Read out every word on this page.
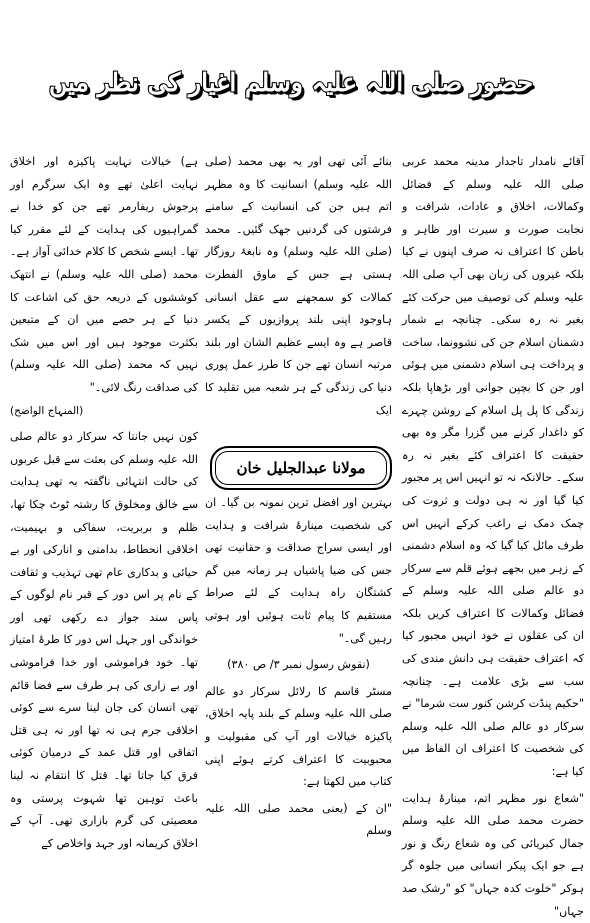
حضور صلی اللہ علیہ وسلم اغیار کی نظر میں

آقائے نامدار تاجدار مدینہ محمد عربی صلی اللہ علیہ وسلم کے فضائل وکمالات، اخلاق و عادات، شرافت و نجابت صورت و سیرت اور ظاہر و باطن کا اعتراف نہ صرف اپنوں نے کیا بلکہ غیروں کی زبان بھی آپ صلی اللہ علیہ وسلم کی توصیف میں حرکت کئے بغیر نہ رہ سکی۔ چنانچہ بے شمار دشمنان اسلام جن کی نشوونما، ساخت و پرداخت ہی اسلام دشمنی میں ہوئی اور جن کا بچپن جوانی اور بڑھاپا بلکہ زندگی کا پل پل اسلام کے روشن چہرے کو داغدار کرنے میں گزرا مگر وہ بھی حقیقت کا اعتراف کئے بغیر نہ رہ سکے۔ حالانکہ نہ تو انہیں اس پر مجبور کیا گیا اور نہ ہی دولت و ثروت کی چمک دمک نے راغب کرکے انہیں اس طرف مائل کیا گیا کہ وہ اسلام دشمنی کے زہر میں بجھے ہوئے قلم سے سرکار دو عالم صلی اللہ علیہ وسلم کے فضائل وکمالات کا اعتراف کریں بلکہ ان کی عقلوں نے خود انہیں مجبور کیا کہ اعتراف حقیقت ہی دانش مندی کی سب سے بڑی علامت ہے۔ چنانچہ "حکیم پنڈت کرشن کنور ست شرما" نے سرکار دو عالم صلی اللہ علیہ وسلم کی شخصیت کا اعتراف ان الفاظ میں کیا ہے:

"شعاع نور مظہر اتم، مینارۂ ہدایت حضرت محمد صلی اللہ علیہ وسلم جمال کبریائی کی وہ شعاع رنگ و نور ہے جو ایک پیکر انسانی میں جلوہ گر ہوکر "خلوت کدہ جہاں" کو "رشک صد جہاں"

بنائے آئی تھی اور یہ بھی محمد (صلی اللہ علیہ وسلم) انسانیت کا وہ مظہر اتم ہیں جن کی انسانیت کے سامنے فرشتوں کی گردنیں جھک گئیں۔ محمد (صلی اللہ علیہ وسلم) وہ نابغۂ روزگار ہستی ہے جس کے ماوق الفطرت کمالات کو سمجھنے سے عقل انسانی ہاوجود اپنی بلند پروازیوں کے یکسر قاصر ہے وہ ایسے عظیم الشان اور بلند مرتبہ انسان تھے جن کا طرز عمل پوری دنیا کی زندگی کے ہر شعبہ میں تقلید کا ایک

مولانا عبدالجلیل خان

بہترین اور افضل ترین نمونہ بن گیا۔ ان کی شخصیت مینارۂ شرافت و ہدایت اور ایسی سراج صداقت و حقانیت تھی جس کی ضیا پاشیاں ہر زمانہ میں گم کشتگان راہ ہدایت کے لئے صراط مستقیم کا پیام ثابت ہوئیں اور ہوتی رہیں گی۔"

(نقوش رسول نمبر ۳/ ص ۳۸۰)

مسٹر قاسم کا رلائل سرکار دو عالم صلی اللہ علیہ وسلم کے بلند پایہ اخلاق، پاکیزہ خیالات اور آپ کی مقبولیت و محبوبیت کا اعتراف کرتے ہوئے اپنی کتاب میں لکھتا ہے:

"ان کے (یعنی محمد صلی اللہ علیہ وسلم

ہے) خیالات نہایت پاکیزہ اور اخلاق نہایت اعلیٰ تھے وہ ایک سرگرم اور پرجوش ریفارمر تھے جن کو خدا نے گمراہیوں کی ہدایت کے لئے مقرر کیا تھا۔ ایسے شخص کا کلام خدائی آواز ہے۔ محمد (صلی اللہ علیہ وسلم) نے انتھک کوششوں کے ذریعہ حق کی اشاعت کا دنیا کے ہر حصے میں ان کے متبعین بکثرت موجود ہیں اور اس میں شک نہیں کہ محمد (صلی اللہ علیہ وسلم) کی صداقت رنگ لائی۔"

(المنہاج الواضح)

کون نہیں جانتا کہ سرکار دو عالم صلی اللہ علیہ وسلم کی بعثت سے قبل عربوں کی حالت انتہائی ناگفتہ بہ تھی ہدایت سے خالق ومخلوق کا رشتہ ٹوٹ چکا تھا، ظلم و بربریت، سفاکی و بہیمیت، اخلاقی انحطاط، بدامنی و انارکی اور بے حیائی و بدکاری عام تھی تہذیب و ثقافت کے نام پر اس دور کے قبر نام لوگوں کے پاس سند جواز دے رکھی تھی اور خواندگی اور جہل اس دور کا طرۂ امتیاز تھا۔ خود فراموشی اور خدا فراموشی اور بے زاری کی ہر طرف سے فضا قائم تھی انسان کی جان لینا سرے سے کوئی اخلاقی جرم ہی نہ تھا اور نہ ہی قتل اتفاقی اور قتل عمد کے درمیان کوئی فرق کیا جاتا تھا۔ قتل کا انتقام نہ لینا باعث توہین تھا شہوت پرستی وہ معصیتی کی گرم بازاری تھی۔ آپ کے اخلاق کریمانہ اور جہد واخلاص کے
